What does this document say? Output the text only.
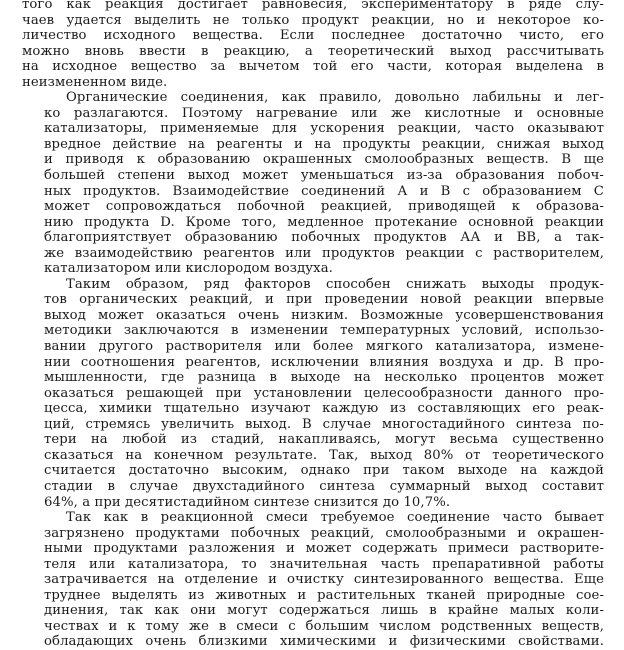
того как реакция достигает равновесия, экспериментатору в ряде слу-
чаев удается выделить не только продукт реакции, но и некоторое ко-
личество исходного вещества. Если последнее достаточно чисто, его
можно вновь ввести в реакцию, а теоретический выход рассчитывать
на исходное вещество за вычетом той его части, которая выделена в
неизмененном виде.
Органические соединения, как правило, довольно лабильны и лег-
ко разлагаются. Поэтому нагревание или же кислотные и основные
катализаторы, применяемые для ускорения реакции, часто оказывают
вредное действие на реагенты и на продукты реакции, снижая выход
и приводя к образованию окрашенных смолообразных веществ. В ще
большей степени выход может уменьшаться из-за образования побоч-
ных продуктов. Взаимодействие соединений А и В с образованием С
может сопровождаться побочной реакцией, приводящей к образова-
нию продукта D. Кроме того, медленное протекание основной реакции
благоприятствует образованию побочных продуктов АА и ВВ, а так-
же взаимодействию реагентов или продуктов реакции с растворителем,
катализатором или кислородом воздуха.
Таким образом, ряд факторов способен снижать выходы продук-
тов органических реакций, и при проведении новой реакции впервые
выход может оказаться очень низким. Возможные усовершенствования
методики заключаются в изменении температурных условий, использо-
вании другого растворителя или более мягкого катализатора, измене-
нии соотношения реагентов, исключении влияния воздуха и др. В про-
мышленности, где разница в выходе на несколько процентов может
оказаться решающей при установлении целесообразности данного про-
цесса, химики тщательно изучают каждую из составляющих его реак-
ций, стремясь увеличить выход. В случае многостадийного синтеза по-
тери на любой из стадий, накапливаясь, могут весьма существенно
сказаться на конечном результате. Так, выход 80% от теоретического
считается достаточно высоким, однако при таком выходе на каждой
стадии в случае двухстадийного синтеза суммарный выход составит
64%, а при десятистадийном синтезе снизится до 10,7%.
Так как в реакционной смеси требуемое соединение часто бывает
загрязнено продуктами побочных реакций, смолообразными и окрашен-
ными продуктами разложения и может содержать примеси растворите-
теля или катализатора, то значительная часть препаративной работы
затрачивается на отделение и очистку синтезированного вещества. Еще
труднее выделять из животных и растительных тканей природные сое-
динения, так как они могут содержаться лишь в крайне малых коли-
чествах и к тому же в смеси с большим числом родственных веществ,
обладающих очень близкими химическими и физическими свойствами.
